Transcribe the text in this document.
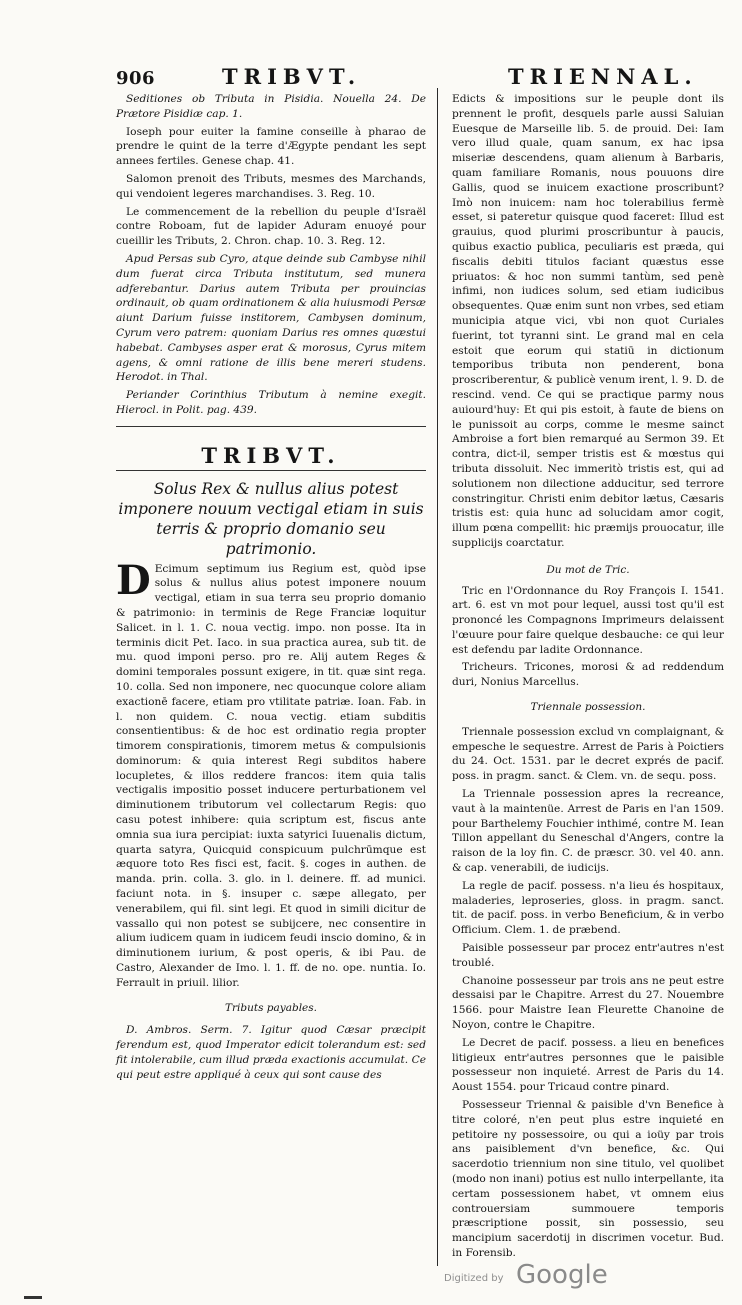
906	TRIBVT.	TRIENNAL.

Seditiones ob Tributa in Pisidia. Nouella 24. De Prætore Pisidiæ cap. 1.

Ioseph pour euiter la famine conseille à pharao de prendre le quint de la terre d'Ægypte pendant les sept annees fertiles. Genese chap. 41.

Salomon prenoit des Tributs, mesmes des Marchands, qui vendoient legeres marchandises. 3. Reg. 10.

Le commencement de la rebellion du peuple d'Israël contre Roboam, fut de lapider Aduram enuoyé pour cueillir les Tributs, 2. Chron. chap. 10. 3. Reg. 12.

Apud Persas sub Cyro, atque deinde sub Cambyse nihil dum fuerat circa Tributa institutum, sed munera adferebantur. Darius autem Tributa per prouincias ordinauit, ob quam ordinationem & alia huiusmodi Persæ aiunt Darium fuisse institorem, Cambysen dominum, Cyrum vero patrem: quoniam Darius res omnes quæstui habebat. Cambyses asper erat & morosus, Cyrus mitem agens, & omni ratione de illis bene mereri studens. Herodot. in Thal.

Periander Corinthius Tributum à nemine exegit. Hierocl. in Polit. pag. 439.

TRIBVT.

Solus Rex & nullus alius potest imponere nouum vectigal etiam in suis terris & proprio domanio seu patrimonio.

D Ecimum septimum ius Regium est, quòd ipse solus & nullus alius potest imponere nouum vectigal, etiam in sua terra seu proprio domanio & patrimonio: in terminis de Rege Franciæ loquitur Salicet. in l. 1. C. noua vectig. impo. non posse. Ita in terminis dicit Pet. Iaco. in sua practica aurea, sub tit. de mu. quod imponi perso. pro re. Alij autem Reges & domini temporales possunt exigere, in tit. quæ sint rega. 10. colla. Sed non imponere, nec quocunque colore aliam exactionē facere, etiam pro vtilitate patriæ. Ioan. Fab. in l. non quidem. C. noua vectig. etiam subditis consentientibus: & de hoc est ordinatio regia propter timorem conspirationis, timorem metus & compulsionis dominorum: & quia interest Regi subditos habere locupletes, & illos reddere francos: item quia talis vectigalis impositio posset inducere perturbationem vel diminutionem tributorum vel collectarum Regis: quo casu potest inhibere: quia scriptum est, fiscus ante omnia sua iura percipiat: iuxta satyrici Iuuenalis dictum, quarta satyra, Quicquid conspicuum pulchrūmque est æquore toto Res fisci est, facit. §. coges in authen. de manda. prin. colla. 3. glo. in l. deinere. ff. ad munici. faciunt nota. in §. insuper c. sæpe allegato, per venerabilem, qui fil. sint legi. Et quod in simili dicitur de vassallo qui non potest se subijcere, nec consentire in alium iudicem quam in iudicem feudi inscio domino, & in diminutionem iurium, & post operis, & ibi Pau. de Castro, Alexander de Imo. l. 1. ff. de no. ope. nuntia. Io. Ferrault in priuil. lilior.

Tributs payables.

D. Ambros. Serm. 7. Igitur quod Cæsar præcipit ferendum est, quod Imperator edicit tolerandum est: sed fit intolerabile, cum illud præda exactionis accumulat. Ce qui peut estre appliqué à ceux qui sont cause des

Edicts & impositions sur le peuple dont ils prennent le profit, desquels parle aussi Saluian Euesque de Marseille lib. 5. de prouid. Dei: Iam vero illud quale, quam sanum, ex hac ipsa miseriæ descendens, quam alienum à Barbaris, quam familiare Romanis, nous pouuons dire Gallis, quod se inuicem exactione proscribunt? Imò non inuicem: nam hoc tolerabilius fermè esset, si pateretur quisque quod faceret: Illud est grauius, quod plurimi proscribuntur à paucis, quibus exactio publica, peculiaris est præda, qui fiscalis debiti titulos faciant quæstus esse priuatos: & hoc non summi tantùm, sed penè infimi, non iudices solum, sed etiam iudicibus obsequentes. Quæ enim sunt non vrbes, sed etiam municipia atque vici, vbi non quot Curiales fuerint, tot tyranni sint. Le grand mal en cela estoit que eorum qui statiū in dictionum temporibus tributa non penderent, bona proscriberentur, & publicè venum irent, l. 9. D. de rescind. vend. Ce qui se practique parmy nous auiourd'huy: Et qui pis estoit, à faute de biens on le punissoit au corps, comme le mesme sainct Ambroise a fort bien remarqué au Sermon 39. Et contra, dict-il, semper tristis est & mœstus qui tributa dissoluit. Nec immeritò tristis est, qui ad solutionem non dilectione adducitur, sed terrore constringitur. Christi enim debitor lætus, Cæsaris tristis est: quia hunc ad solucidam amor cogit, illum pœna compellit: hic præmijs prouocatur, ille supplicijs coarctatur.

Du mot de Tric.

Tric en l'Ordonnance du Roy François I. 1541. art. 6. est vn mot pour lequel, aussi tost qu'il est prononcé les Compagnons Imprimeurs delaissent l'œuure pour faire quelque desbauche: ce qui leur est defendu par ladite Ordonnance.

Tricheurs. Tricones, morosi & ad reddendum duri, Nonius Marcellus.

Triennale possession.

Triennale possession exclud vn complaignant, & empesche le sequestre. Arrest de Paris à Poictiers du 24. Oct. 1531. par le decret exprés de pacif. poss. in pragm. sanct. & Clem. vn. de sequ. poss.

La Triennale possession apres la recreance, vaut à la maintenüe. Arrest de Paris en l'an 1509. pour Barthelemy Fouchier inthimé, contre M. Iean Tillon appellant du Seneschal d'Angers, contre la raison de la loy fin. C. de præscr. 30. vel 40. ann. & cap. venerabili, de iudicijs.

La regle de pacif. possess. n'a lieu és hospitaux, maladeries, leproseries, gloss. in pragm. sanct. tit. de pacif. poss. in verbo Beneficium, & in verbo Officium. Clem. 1. de præbend.

Paisible possesseur par procez entr'autres n'est troublé.

Chanoine possesseur par trois ans ne peut estre dessaisi par le Chapitre. Arrest du 27. Nouembre 1566. pour Maistre Iean Fleurette Chanoine de Noyon, contre le Chapitre.

Le Decret de pacif. possess. a lieu en benefices litigieux entr'autres personnes que le paisible possesseur non inquieté. Arrest de Paris du 14. Aoust 1554. pour Tricaud contre pinard.

Possesseur Triennal & paisible d'vn Benefice à titre coloré, n'en peut plus estre inquieté en petitoire ny possessoire, ou qui a ioüy par trois ans paisiblement d'vn benefice, &c. Qui sacerdotio triennium non sine titulo, vel quolibet (modo non inani) potius est nullo interpellante, ita certam possessionem habet, vt omnem eius controuersiam summouere temporis præscriptione possit, sin possessio, seu mancipium sacerdotij in discrimen vocetur. Bud. in Forensib.

Digitized by Google
